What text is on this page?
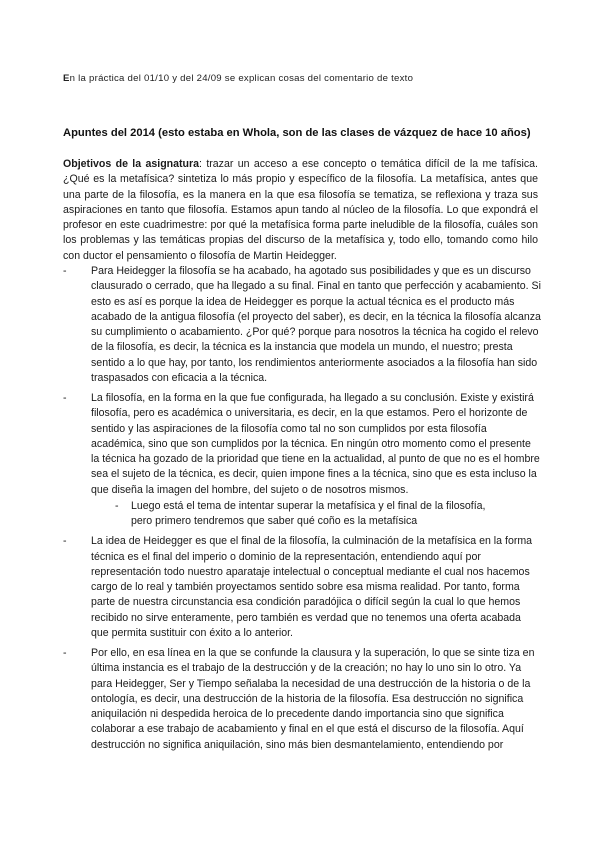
En la práctica del 01/10 y del 24/09 se explican cosas del comentario de texto
Apuntes del 2014 (esto estaba en Whola, son de las clases de vázquez de hace 10 años)
Objetivos de la asignatura: trazar un acceso a ese concepto o temática difícil de la me tafísica. ¿Qué es la metafísica? sintetiza lo más propio y específico de la filosofía. La metafísica, antes que una parte de la filosofía, es la manera en la que esa filosofía se tematiza, se reflexiona y traza sus aspiraciones en tanto que filosofía. Estamos apun tando al núcleo de la filosofía. Lo que expondrá el profesor en este cuadrimestre: por qué la metafísica forma parte ineludible de la filosofía, cuáles son los problemas y las temáticas propias del discurso de la metafísica y, todo ello, tomando como hilo con ductor el pensamiento o filosofía de Martin Heidegger.
-	Para Heidegger la filosofía se ha acabado, ha agotado sus posibilidades y que es un discurso clausurado o cerrado, que ha llegado a su final. Final en tanto que perfección y acabamiento. Si esto es así es porque la idea de Heidegger es porque la actual técnica es el producto más acabado de la antigua filosofía (el proyecto del saber), es decir, en la técnica la filosofía alcanza su cumplimiento o acabamiento. ¿Por qué? porque para nosotros la técnica ha cogido el relevo de la filosofía, es decir, la técnica es la instancia que modela un mundo, el nuestro; presta sentido a lo que hay, por tanto, los rendimientos anteriormente asociados a la filosofía han sido traspasados con eficacia a la técnica.
-	La filosofía, en la forma en la que fue configurada, ha llegado a su conclusión. Existe y existirá filosofía, pero es académica o universitaria, es decir, en la que estamos. Pero el horizonte de sentido y las aspiraciones de la filosofía como tal no son cumplidos por esta filosofía académica, sino que son cumplidos por la técnica. En ningún otro momento como el presente la técnica ha gozado de la prioridad que tiene en la actualidad, al punto de que no es el hombre sea el sujeto de la técnica, es decir, quien impone fines a la técnica, sino que es esta incluso la que diseña la imagen del hombre, del sujeto o de nosotros mismos.
-	Luego está el tema de intentar superar la metafísica y el final de la filosofía,
pero primero tendremos que saber qué coño es la metafísica
-	La idea de Heidegger es que el final de la filosofía, la culminación de la metafísica en la forma técnica es el final del imperio o dominio de la representación, entendiendo aquí por representación todo nuestro aparataje intelectual o conceptual mediante el cual nos hacemos cargo de lo real y también proyectamos sentido sobre esa misma realidad. Por tanto, forma parte de nuestra circunstancia esa condición paradójica o difícil según la cual lo que hemos recibido no sirve enteramente, pero también es verdad que no tenemos una oferta acabada que permita sustituir con éxito a lo anterior.
-	Por ello, en esa línea en la que se confunde la clausura y la superación, lo que se sinte tiza en última instancia es el trabajo de la destrucción y de la creación; no hay lo uno sin lo otro. Ya para Heidegger, Ser y Tiempo señalaba la necesidad de una destrucción de la historia o de la ontología, es decir, una destrucción de la historia de la filosofía. Esa destrucción no significa aniquilación ni despedida heroica de lo precedente dando importancia sino que significa colaborar a ese trabajo de acabamiento y final en el que está el discurso de la filosofía. Aquí destrucción no significa aniquilación, sino más bien desmantelamiento, entendiendo por
